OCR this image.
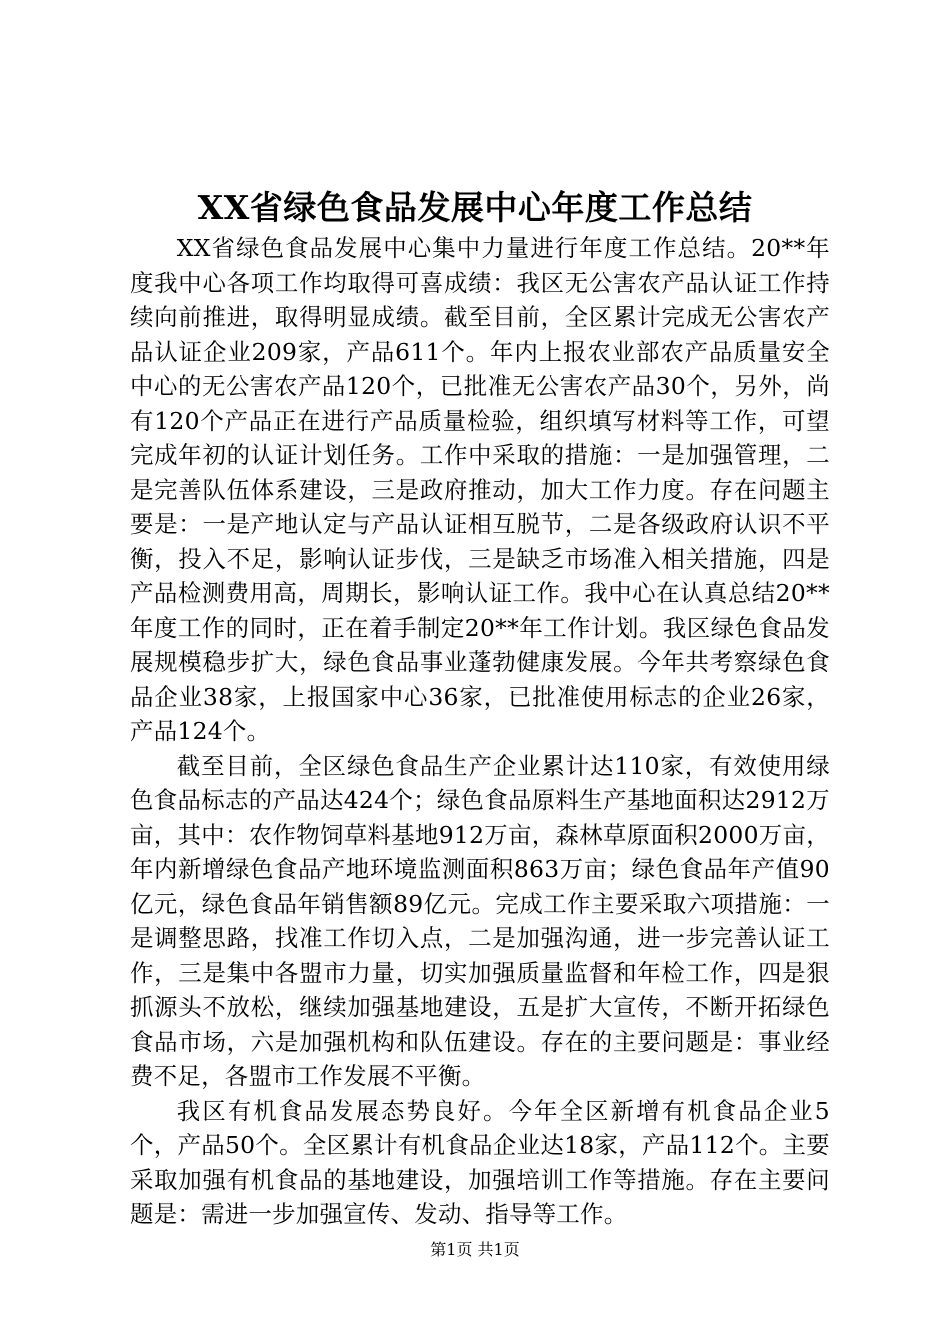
XX省绿色食品发展中心年度工作总结

XX省绿色食品发展中心集中力量进行年度工作总结。20**年度我中心各项工作均取得可喜成绩：我区无公害农产品认证工作持续向前推进，取得明显成绩。截至目前，全区累计完成无公害农产品认证企业209家，产品611个。年内上报农业部农产品质量安全中心的无公害农产品120个，已批准无公害农产品30个，另外，尚有120个产品正在进行产品质量检验，组织填写材料等工作，可望完成年初的认证计划任务。工作中采取的措施：一是加强管理，二是完善队伍体系建设，三是政府推动，加大工作力度。存在问题主要是：一是产地认定与产品认证相互脱节，二是各级政府认识不平衡，投入不足，影响认证步伐，三是缺乏市场准入相关措施，四是产品检测费用高，周期长，影响认证工作。我中心在认真总结20**年度工作的同时，正在着手制定20**年工作计划。我区绿色食品发展规模稳步扩大，绿色食品事业蓬勃健康发展。今年共考察绿色食品企业38家，上报国家中心36家，已批准使用标志的企业26家，产品124个。

截至目前，全区绿色食品生产企业累计达110家，有效使用绿色食品标志的产品达424个；绿色食品原料生产基地面积达2912万亩，其中：农作物饲草料基地912万亩，森林草原面积2000万亩，年内新增绿色食品产地环境监测面积863万亩；绿色食品年产值90亿元，绿色食品年销售额89亿元。完成工作主要采取六项措施：一是调整思路，找准工作切入点，二是加强沟通，进一步完善认证工作，三是集中各盟市力量，切实加强质量监督和年检工作，四是狠抓源头不放松，继续加强基地建设，五是扩大宣传，不断开拓绿色食品市场，六是加强机构和队伍建设。存在的主要问题是：事业经费不足，各盟市工作发展不平衡。

我区有机食品发展态势良好。今年全区新增有机食品企业5个，产品50个。全区累计有机食品企业达18家，产品112个。主要采取加强有机食品的基地建设，加强培训工作等措施。存在主要问题是：需进一步加强宣传、发动、指导等工作。

第1页 共1页
